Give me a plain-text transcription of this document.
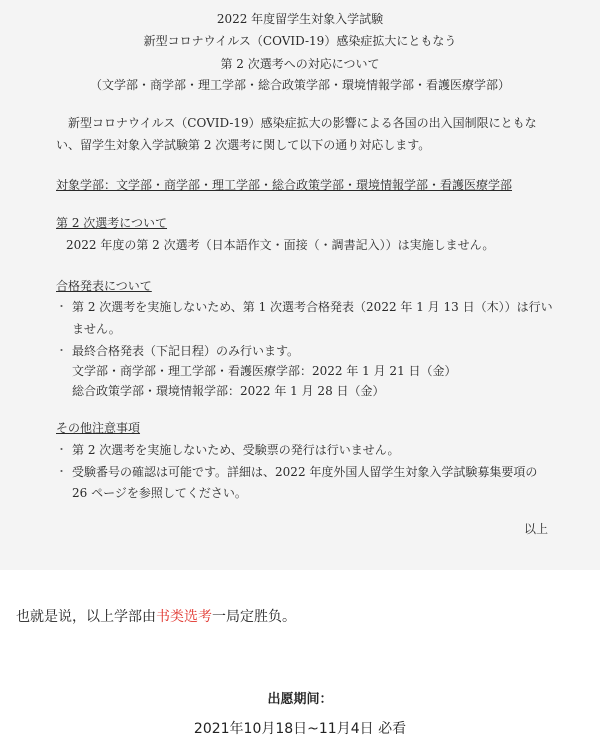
2022 年度留学生対象入学試験
新型コロナウイルス（COVID-19）感染症拡大にともなう
第 2 次選考への対応について
（文学部・商学部・理工学部・総合政策学部・環境情報学部・看護医療学部）
新型コロナウイルス（COVID-19）感染症拡大の影響による各国の出入国制限にともない、留学生対象入学試験第 2 次選考に関して以下の通り対応します。
対象学部：文学部・商学部・理工学部・総合政策学部・環境情報学部・看護医療学部
第 2 次選考について
2022 年度の第 2 次選考（日本語作文・面接（・調書記入））は実施しません。
合格発表について
・ 第 2 次選考を実施しないため、第 1 次選考合格発表（2022 年 1 月 13 日（木））は行い
ません。
・ 最終合格発表（下記日程）のみ行います。
文学部・商学部・理工学部・看護医療学部：2022 年 1 月 21 日（金）
総合政策学部・環境情報学部：2022 年 1 月 28 日（金）
その他注意事項
・ 第 2 次選考を実施しないため、受験票の発行は行いません。
・ 受験番号の確認は可能です。詳細は、2022 年度外国人留学生対象入学試験募集要項の
26 ページを参照してください。
以上
也就是说，以上学部由书类选考一局定胜负。
出愿期间：
2021年10月18日~11月4日 必看
